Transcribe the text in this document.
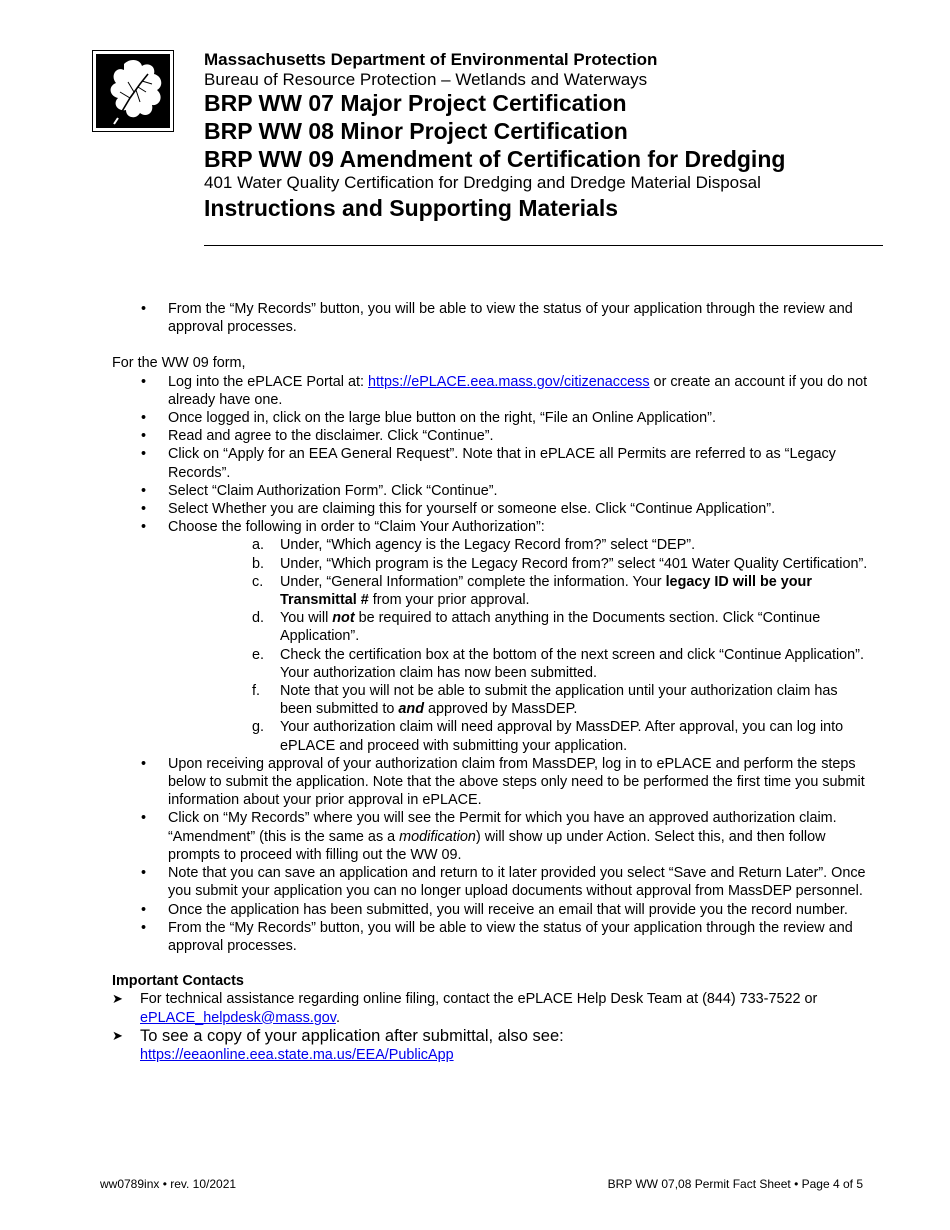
Massachusetts Department of Environmental Protection
Bureau of Resource Protection – Wetlands and Waterways
BRP WW 07 Major Project Certification
BRP WW 08 Minor Project Certification
BRP WW 09 Amendment of Certification for Dredging
401 Water Quality Certification for Dredging and Dredge Material Disposal
Instructions and Supporting Materials
• From the “My Records” button, you will be able to view the status of your application through the review and approval processes.

For the WW 09 form,

• Log into the ePLACE Portal at: https://ePLACE.eea.mass.gov/citizenaccess or create an account if you do not already have one.
• Once logged in, click on the large blue button on the right, “File an Online Application”.
• Read and agree to the disclaimer. Click “Continue”.
• Click on “Apply for an EEA General Request”. Note that in ePLACE all Permits are referred to as “Legacy Records”.
• Select “Claim Authorization Form”. Click “Continue”.
• Select Whether you are claiming this for yourself or someone else. Click “Continue Application”.
• Choose the following in order to “Claim Your Authorization”:
a. Under, “Which agency is the Legacy Record from?” select “DEP”.
b. Under, “Which program is the Legacy Record from?” select “401 Water Quality Certification”.
c. Under, “General Information” complete the information. Your legacy ID will be your Transmittal # from your prior approval.
d. You will not be required to attach anything in the Documents section. Click “Continue Application”.
e. Check the certification box at the bottom of the next screen and click “Continue Application”. Your authorization claim has now been submitted.
f. Note that you will not be able to submit the application until your authorization claim has been submitted to and approved by MassDEP.
g. Your authorization claim will need approval by MassDEP. After approval, you can log into ePLACE and proceed with submitting your application.
• Upon receiving approval of your authorization claim from MassDEP, log in to ePLACE and perform the steps below to submit the application. Note that the above steps only need to be performed the first time you submit information about your prior approval in ePLACE.
• Click on “My Records” where you will see the Permit for which you have an approved authorization claim. “Amendment” (this is the same as a modification) will show up under Action. Select this, and then follow prompts to proceed with filling out the WW 09.
• Note that you can save an application and return to it later provided you select “Save and Return Later”. Once you submit your application you can no longer upload documents without approval from MassDEP personnel.
• Once the application has been submitted, you will receive an email that will provide you the record number.
• From the “My Records” button, you will be able to view the status of your application through the review and approval processes.

Important Contacts

➤ For technical assistance regarding online filing, contact the ePLACE Help Desk Team at (844) 733-7522 or ePLACE_helpdesk@mass.gov.
➤ To see a copy of your application after submittal, also see:
https://eeaonline.eea.state.ma.us/EEA/PublicApp
ww0789inx • rev. 10/2021	BRP WW 07,08 Permit Fact Sheet • Page 4 of 5
